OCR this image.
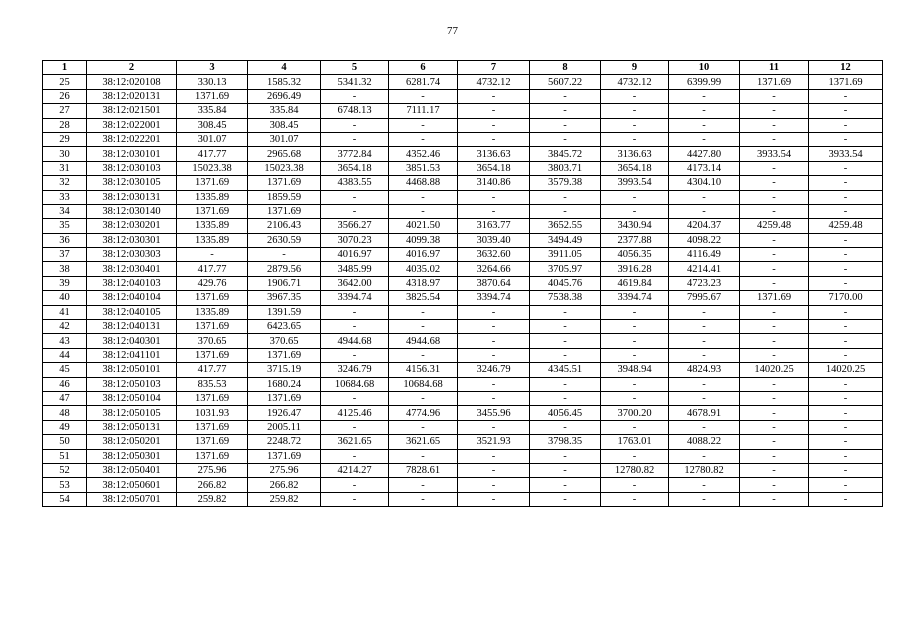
77
1	2	3	4	5	6	7	8	9	10	11	12
25	38:12:020108	330.13	1585.32	5341.32	6281.74	4732.12	5607.22	4732.12	6399.99	1371.69	1371.69
26	38:12:020131	1371.69	2696.49	-	-	-	-	-	-	-	-
27	38:12:021501	335.84	335.84	6748.13	7111.17	-	-	-	-	-	-
28	38:12:022001	308.45	308.45	-	-	-	-	-	-	-	-
29	38:12:022201	301.07	301.07	-	-	-	-	-	-	-	-
30	38:12:030101	417.77	2965.68	3772.84	4352.46	3136.63	3845.72	3136.63	4427.80	3933.54	3933.54
31	38:12:030103	15023.38	15023.38	3654.18	3851.53	3654.18	3803.71	3654.18	4173.14	-	-
32	38:12:030105	1371.69	1371.69	4383.55	4468.88	3140.86	3579.38	3993.54	4304.10	-	-
33	38:12:030131	1335.89	1859.59	-	-	-	-	-	-	-	-
34	38:12:030140	1371.69	1371.69	-	-	-	-	-	-	-	-
35	38:12:030201	1335.89	2106.43	3566.27	4021.50	3163.77	3652.55	3430.94	4204.37	4259.48	4259.48
36	38:12:030301	1335.89	2630.59	3070.23	4099.38	3039.40	3494.49	2377.88	4098.22	-	-
37	38:12:030303	-	-	4016.97	4016.97	3632.60	3911.05	4056.35	4116.49	-	-
38	38:12:030401	417.77	2879.56	3485.99	4035.02	3264.66	3705.97	3916.28	4214.41	-	-
39	38:12:040103	429.76	1906.71	3642.00	4318.97	3870.64	4045.76	4619.84	4723.23	-	-
40	38:12:040104	1371.69	3967.35	3394.74	3825.54	3394.74	7538.38	3394.74	7995.67	1371.69	7170.00
41	38:12:040105	1335.89	1391.59	-	-	-	-	-	-	-	-
42	38:12:040131	1371.69	6423.65	-	-	-	-	-	-	-	-
43	38:12:040301	370.65	370.65	4944.68	4944.68	-	-	-	-	-	-
44	38:12:041101	1371.69	1371.69	-	-	-	-	-	-	-	-
45	38:12:050101	417.77	3715.19	3246.79	4156.31	3246.79	4345.51	3948.94	4824.93	14020.25	14020.25
46	38:12:050103	835.53	1680.24	10684.68	10684.68	-	-	-	-	-	-
47	38:12:050104	1371.69	1371.69	-	-	-	-	-	-	-	-
48	38:12:050105	1031.93	1926.47	4125.46	4774.96	3455.96	4056.45	3700.20	4678.91	-	-
49	38:12:050131	1371.69	2005.11	-	-	-	-	-	-	-	-
50	38:12:050201	1371.69	2248.72	3621.65	3621.65	3521.93	3798.35	1763.01	4088.22	-	-
51	38:12:050301	1371.69	1371.69	-	-	-	-	-	-	-	-
52	38:12:050401	275.96	275.96	4214.27	7828.61	-	-	12780.82	12780.82	-	-
53	38:12:050601	266.82	266.82	-	-	-	-	-	-	-	-
54	38:12:050701	259.82	259.82	-	-	-	-	-	-	-	-
